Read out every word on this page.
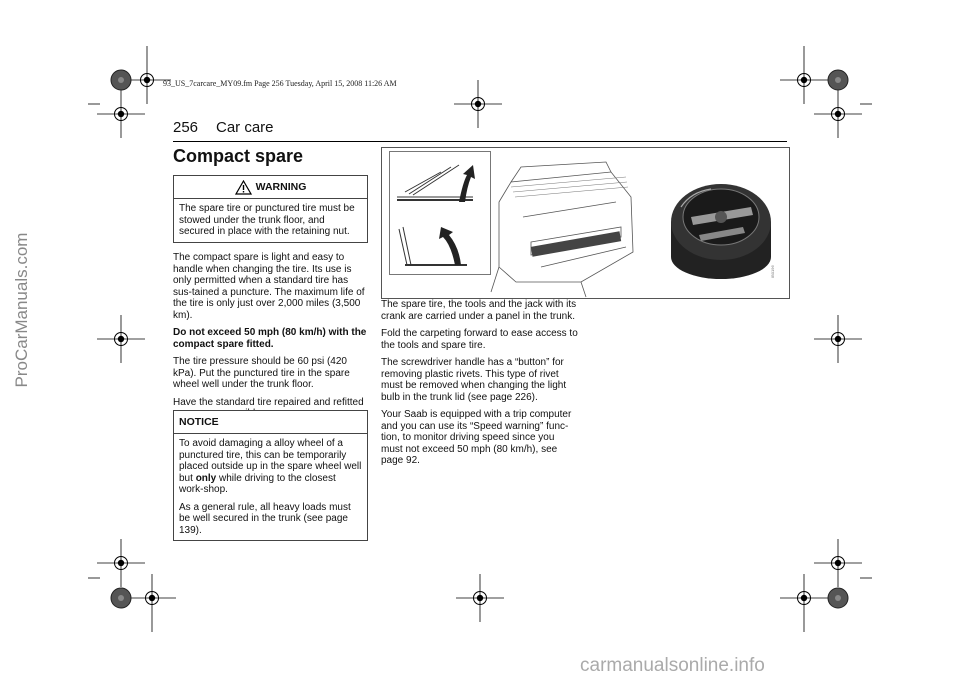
93_US_7carcare_MY09.fm Page 256 Tuesday, April 15, 2008 11:26 AM
256 Car care
Compact spare
WARNING

The spare tire or punctured tire must be stowed under the trunk floor, and secured in place with the retaining nut.

The compact spare is light and easy to handle when changing the tire. Its use is only permitted when a standard tire has sus-tained a puncture. The maximum life of the tire is only just over 2,000 miles (3,500 km).

Do not exceed 50 mph (80 km/h) with the compact spare fitted.

The tire pressure should be 60 psi (420 kPa). Put the punctured tire in the spare wheel well under the trunk floor.

Have the standard tire repaired and refitted

NOTICE

To avoid damaging a alloy wheel of a punctured tire, this can be temporarily placed outside up in the spare wheel well but only while driving to the closest work-shop.

As a general rule, all heavy loads must be well secured in the trunk (see page 139).

IB0196

The spare tire, the tools and the jack with its crank are carried under a panel in the trunk.

Fold the carpeting forward to ease access to the tools and spare tire.

The screwdriver handle has a “button” for removing plastic rivets. This type of rivet must be removed when changing the light bulb in the trunk lid (see page 226).

Your Saab is equipped with a trip computer and you can use its “Speed warning” func-tion, to monitor driving speed since you must not exceed 50 mph (80 km/h), see page 92.

ProCarManuals.com
carmanualsonline.info
